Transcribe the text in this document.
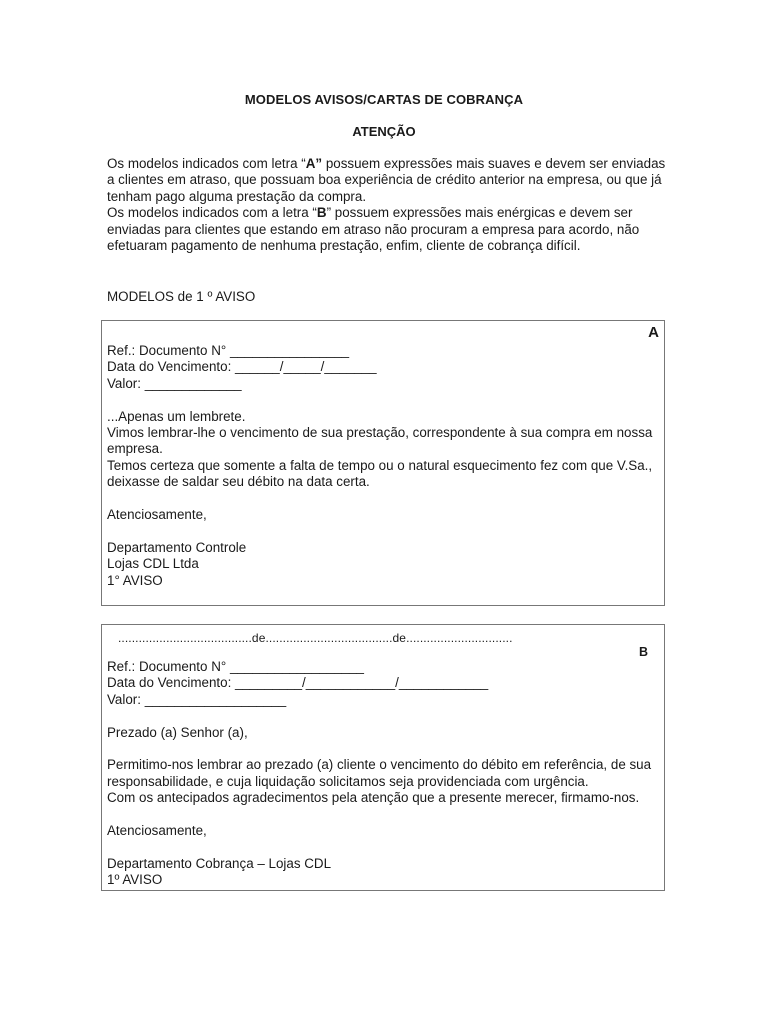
MODELOS AVISOS/CARTAS DE COBRANÇA
ATENÇÃO

Os modelos indicados com letra “A” possuem expressões mais suaves e devem ser enviadas a clientes em atraso, que possuam boa experiência de crédito anterior na empresa, ou que já tenham pago alguma prestação da compra.

Os modelos indicados com a letra “B” possuem expressões mais enérgicas e devem ser enviadas para clientes que estando em atraso não procuram a empresa para acordo, não efetuaram pagamento de nenhuma prestação, enfim, cliente de cobrança difícil.

MODELOS de 1 º AVISO
A
Ref.: Documento N° ________________
Data do Vencimento: ______/_____/_______
Valor: _____________
...Apenas um lembrete.
Vimos lembrar-lhe o vencimento de sua prestação, correspondente à sua compra em nossa empresa.
Temos certeza que somente a falta de tempo ou o natural esquecimento fez com que V.Sa., deixasse de saldar seu débito na data certa.
Atenciosamente,
Departamento Controle
Lojas CDL Ltda
1° AVISO
.......................................de.....................................de...............................
B
Ref.: Documento N° __________________
Data do Vencimento: _________/____________/____________
Valor: ___________________
Prezado (a) Senhor (a),
Permitimo-nos lembrar ao prezado (a) cliente o vencimento do débito em referência, de sua responsabilidade, e cuja liquidação solicitamos seja providenciada com urgência.
Com os antecipados agradecimentos pela atenção que a presente merecer, firmamo-nos.
Atenciosamente,
Departamento Cobrança – Lojas CDL
1º AVISO
